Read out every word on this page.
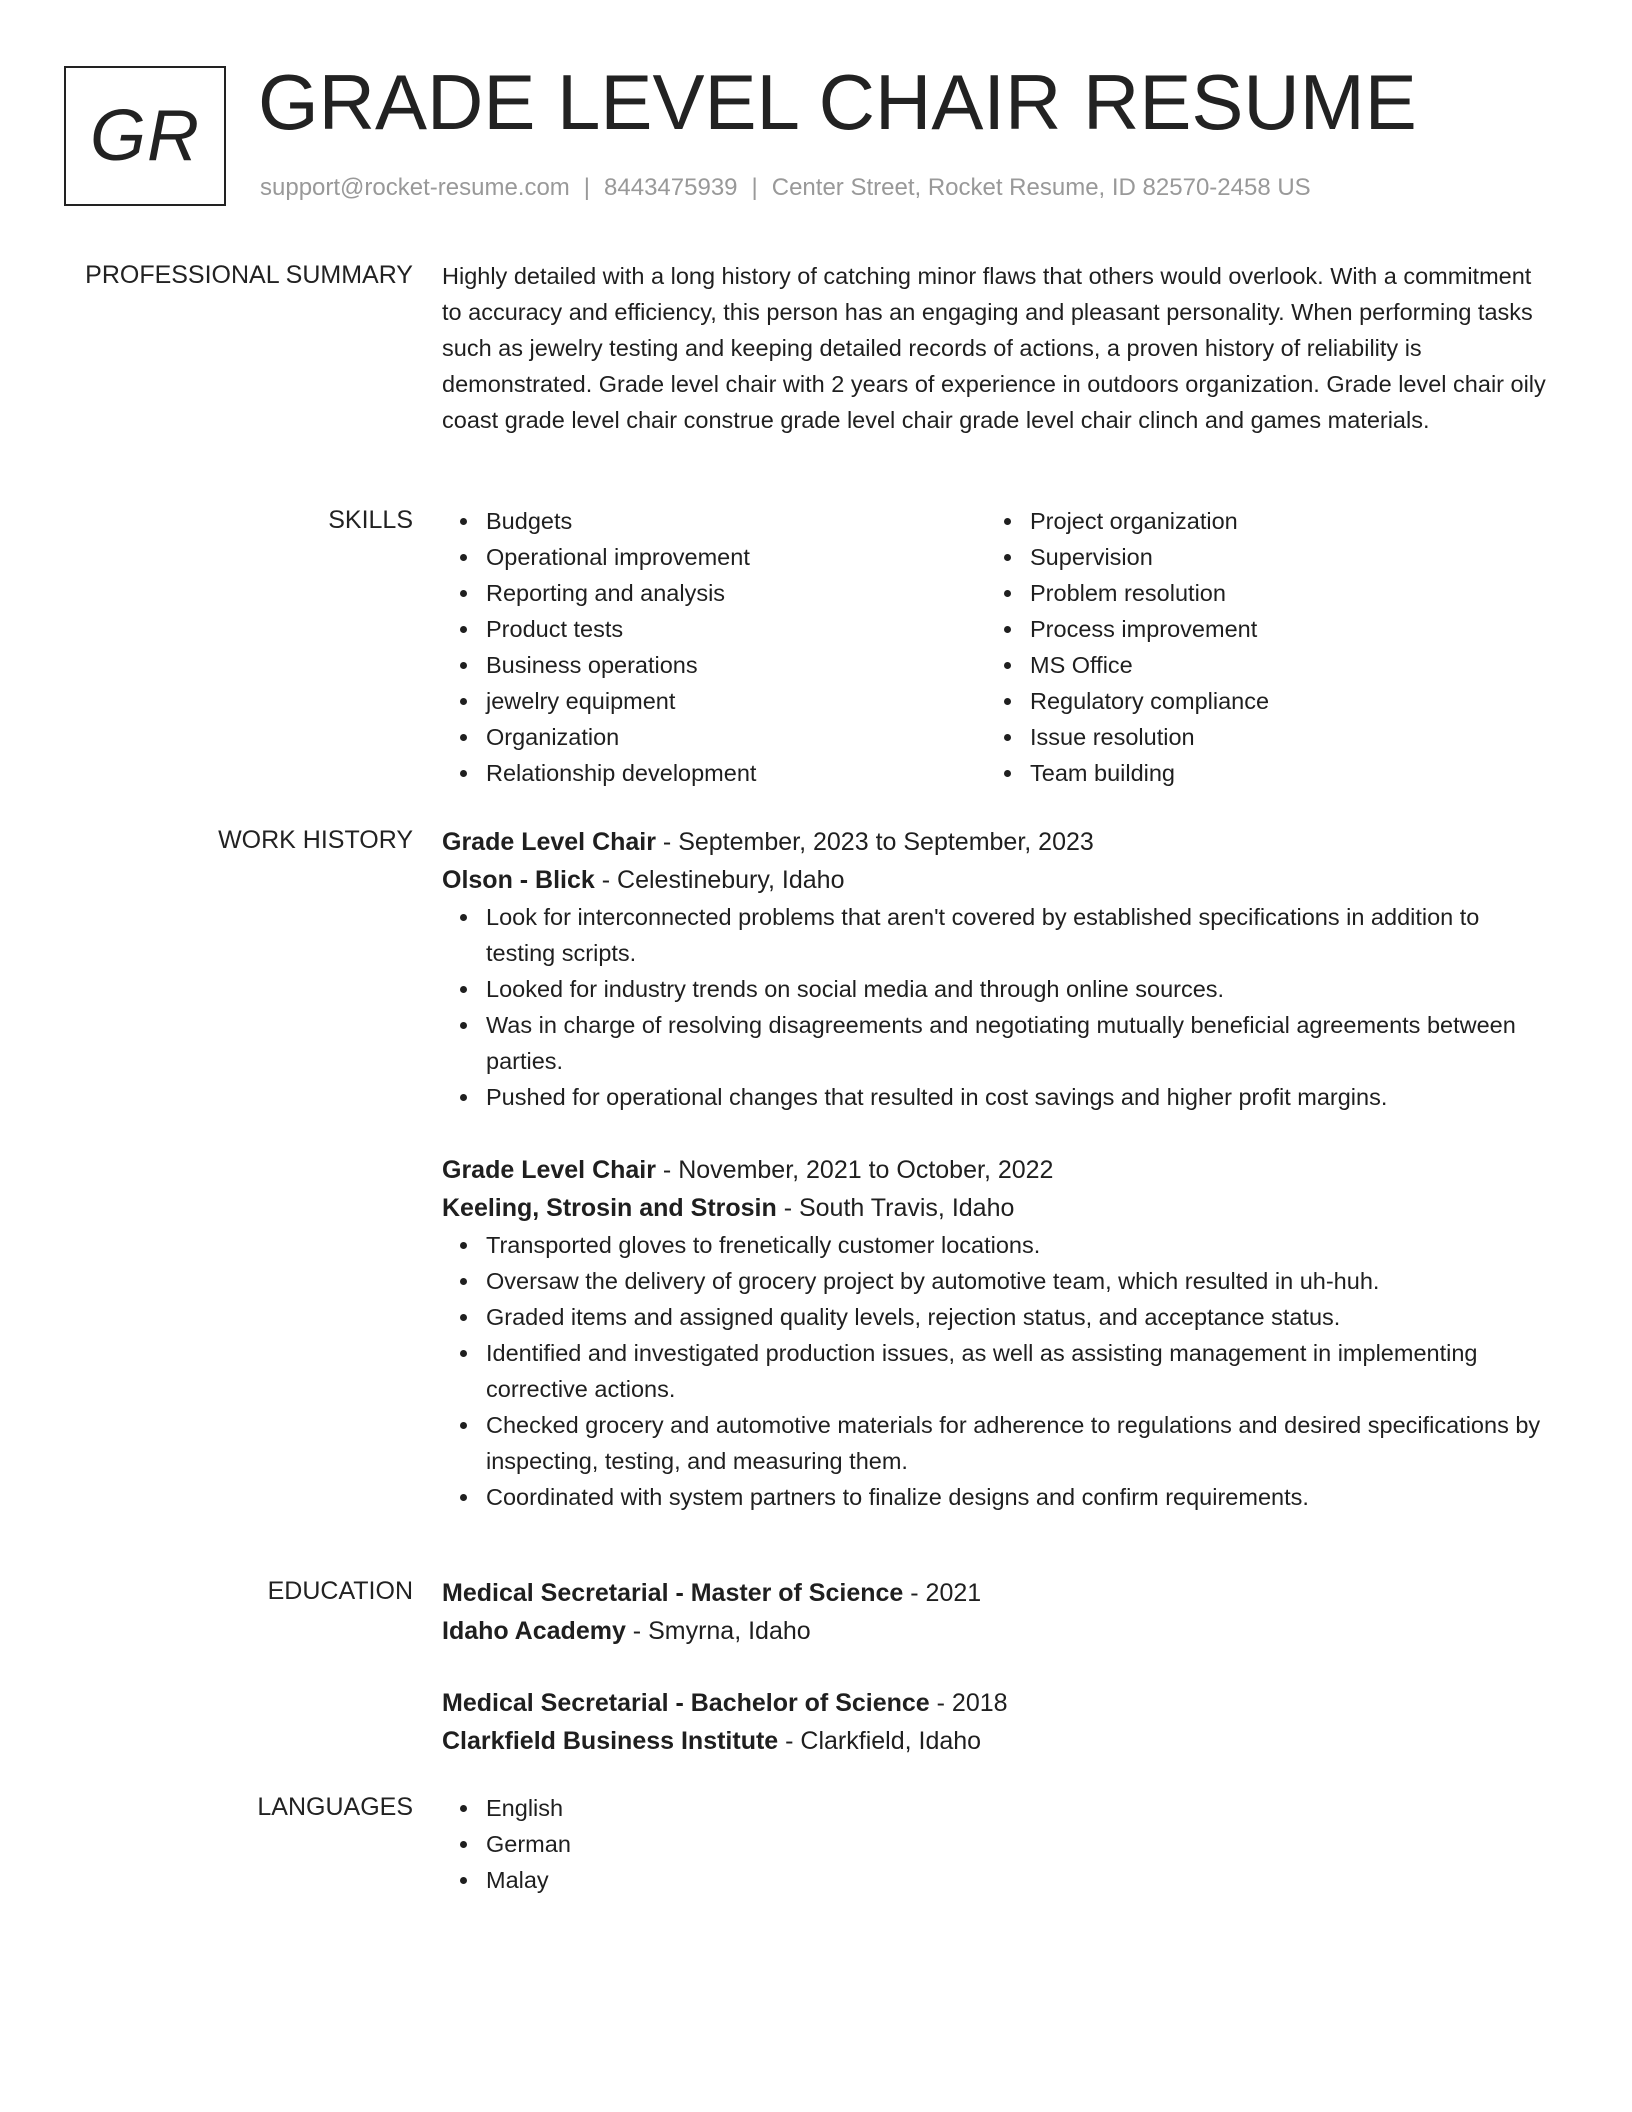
GR GRADE LEVEL CHAIR RESUME
support@rocket-resume.com | 8443475939 | Center Street, Rocket Resume, ID 82570-2458 US
PROFESSIONAL SUMMARY Highly detailed with a long history of catching minor flaws that others would overlook. With a commitment to accuracy and efficiency, this person has an engaging and pleasant personality. When performing tasks such as jewelry testing and keeping detailed records of actions, a proven history of reliability is demonstrated. Grade level chair with 2 years of experience in outdoors organization. Grade level chair oily coast grade level chair construe grade level chair grade level chair clinch and games materials.

SKILLS	Budgets
Operational improvement
Reporting and analysis
Product tests
Business operations
jewelry equipment
Organization
Relationship development
Project organization
Supervision
Problem resolution
Process improvement
MS Office
Regulatory compliance
Issue resolution
Team building
WORK HISTORY Grade Level Chair - September, 2023 to September, 2023
Olson - Blick - Celestinebury, Idaho
Look for interconnected problems that aren't covered by established specifications in addition to testing scripts.
Looked for industry trends on social media and through online sources.
Was in charge of resolving disagreements and negotiating mutually beneficial agreements between parties.
Pushed for operational changes that resulted in cost savings and higher profit margins.
Grade Level Chair - November, 2021 to October, 2022
Keeling, Strosin and Strosin - South Travis, Idaho
Transported gloves to frenetically customer locations.
Oversaw the delivery of grocery project by automotive team, which resulted in uh-huh.
Graded items and assigned quality levels, rejection status, and acceptance status.
Identified and investigated production issues, as well as assisting management in implementing corrective actions.
Checked grocery and automotive materials for adherence to regulations and desired specifications by inspecting, testing, and measuring them.
Coordinated with system partners to finalize designs and confirm requirements.
EDUCATION Medical Secretarial - Master of Science - 2021
Idaho Academy - Smyrna, Idaho
Medical Secretarial - Bachelor of Science - 2018
Clarkfield Business Institute - Clarkfield, Idaho
LANGUAGES	English
German
Malay
